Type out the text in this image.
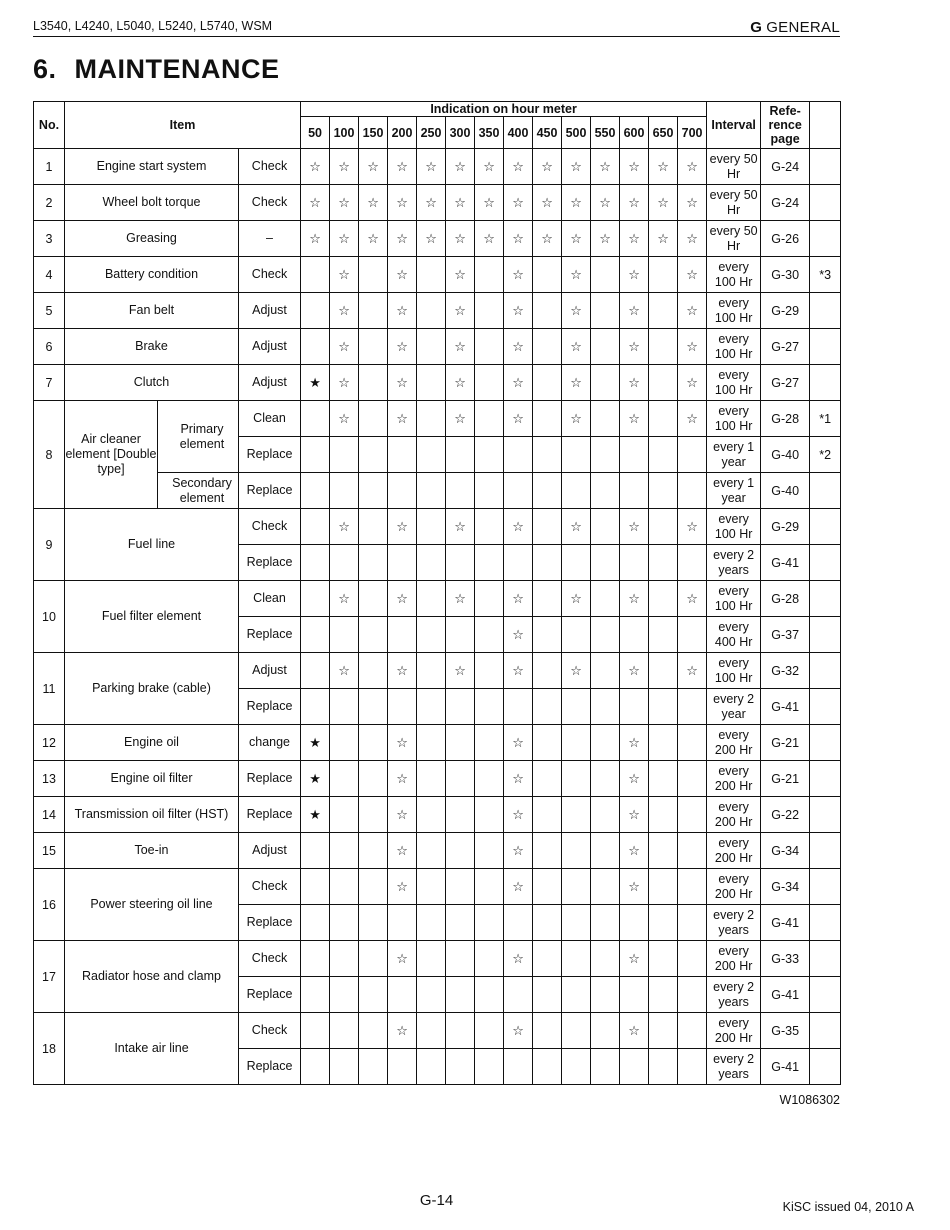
L3540, L4240, L5040, L5240, L5740, WSM	G GENERAL
6. MAINTENANCE
No.	Item			Indication on hour meter														Interval	Refe-rence page	
				50	100	150	200	250	300	350	400	450	500	550	600	650	700			
1	Engine start system		Check	☆	☆	☆	☆	☆	☆	☆	☆	☆	☆	☆	☆	☆	☆	every 50 Hr	G-24	
2	Wheel bolt torque		Check	☆	☆	☆	☆	☆	☆	☆	☆	☆	☆	☆	☆	☆	☆	every 50 Hr	G-24	
3	Greasing		–	☆	☆	☆	☆	☆	☆	☆	☆	☆	☆	☆	☆	☆	☆	every 50 Hr	G-26	
4	Battery condition		Check		☆		☆		☆		☆		☆		☆		☆	every 100 Hr	G-30	*3
5	Fan belt		Adjust		☆		☆		☆		☆		☆		☆		☆	every 100 Hr	G-29	
6	Brake		Adjust		☆		☆		☆		☆		☆		☆		☆	every 100 Hr	G-27	
7	Clutch		Adjust	★	☆		☆		☆		☆		☆		☆		☆	every 100 Hr	G-27	
8	Air cleaner element [Double type]	Primary element	Clean		☆		☆		☆		☆		☆		☆		☆	every 100 Hr	G-28	*1
			Replace															every 1 year	G-40	*2
		Secondary element	Replace															every 1 year	G-40	
9	Fuel line		Check		☆		☆		☆		☆		☆		☆		☆	every 100 Hr	G-29	
			Replace															every 2 years	G-41	
10	Fuel filter element		Clean		☆		☆		☆		☆		☆		☆		☆	every 100 Hr	G-28	
			Replace								☆							every 400 Hr	G-37	
11	Parking brake (cable)		Adjust		☆		☆		☆		☆		☆		☆		☆	every 100 Hr	G-32	
			Replace															every 2 year	G-41	
12	Engine oil		change	★			☆				☆				☆			every 200 Hr	G-21	
13	Engine oil filter		Replace	★			☆				☆				☆			every 200 Hr	G-21	
14	Transmission oil filter (HST)		Replace	★			☆				☆				☆			every 200 Hr	G-22	
15	Toe-in		Adjust				☆				☆				☆			every 200 Hr	G-34	
16	Power steering oil line		Check				☆				☆				☆			every 200 Hr	G-34	
			Replace															every 2 years	G-41	
17	Radiator hose and clamp		Check				☆				☆				☆			every 200 Hr	G-33	
			Replace															every 2 years	G-41	
18	Intake air line		Check				☆				☆				☆			every 200 Hr	G-35	
			Replace															every 2 years	G-41	
W1086302
G-14	KiSC issued 04, 2010 A
